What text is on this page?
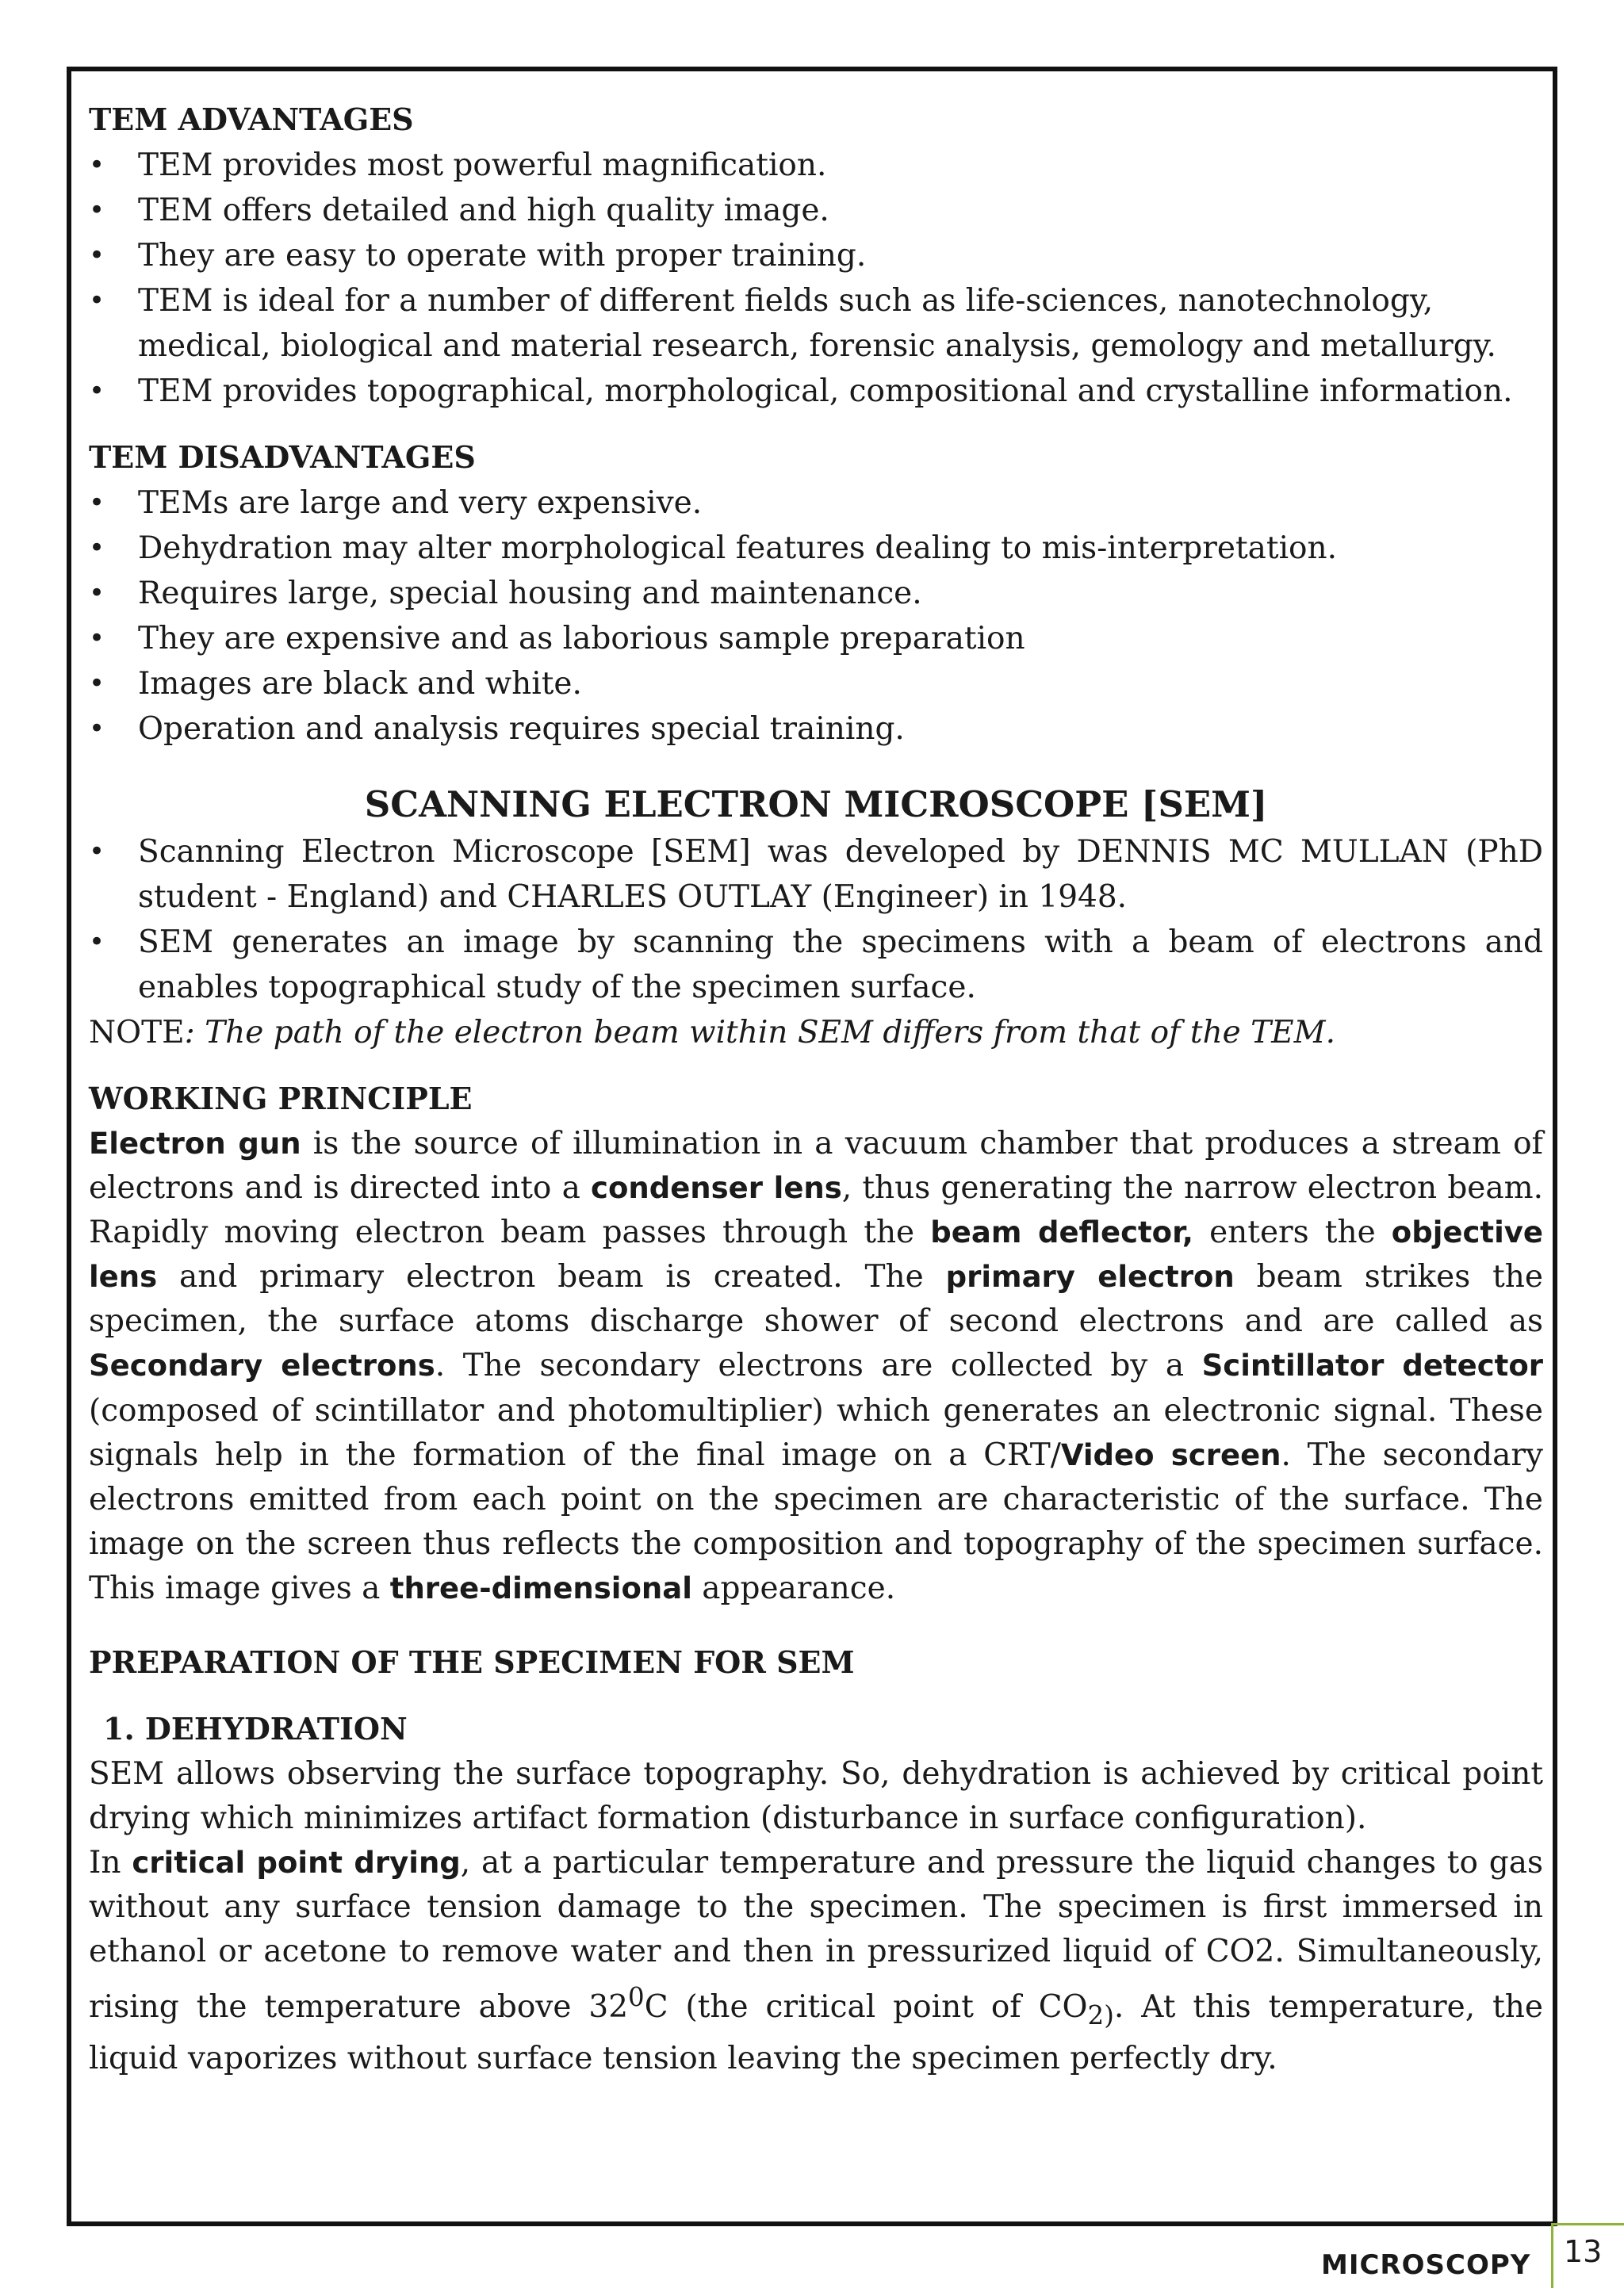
TEM ADVANTAGES

• TEM provides most powerful magnification.
• TEM offers detailed and high quality image.
• They are easy to operate with proper training.
• TEM is ideal for a number of different fields such as life-sciences, nanotechnology, medical, biological and material research, forensic analysis, gemology and metallurgy.
• TEM provides topographical, morphological, compositional and crystalline information.

TEM DISADVANTAGES

• TEMs are large and very expensive.
• Dehydration may alter morphological features dealing to mis-interpretation.
• Requires large, special housing and maintenance.
• They are expensive and as laborious sample preparation
• Images are black and white.
• Operation and analysis requires special training.

SCANNING ELECTRON MICROSCOPE [SEM]

• Scanning Electron Microscope [SEM] was developed by DENNIS MC MULLAN (PhD student - England) and CHARLES OUTLAY (Engineer) in 1948.
• SEM generates an image by scanning the specimens with a beam of electrons and enables topographical study of the specimen surface.

NOTE: The path of the electron beam within SEM differs from that of the TEM.

WORKING PRINCIPLE

Electron gun is the source of illumination in a vacuum chamber that produces a stream of electrons and is directed into a condenser lens, thus generating the narrow electron beam. Rapidly moving electron beam passes through the beam deflector, enters the objective lens and primary electron beam is created. The primary electron beam strikes the specimen, the surface atoms discharge shower of second electrons and are called as Secondary electrons. The secondary electrons are collected by a Scintillator detector (composed of scintillator and photomultiplier) which generates an electronic signal. These signals help in the formation of the final image on a CRT/Video screen. The secondary electrons emitted from each point on the specimen are characteristic of the surface. The image on the screen thus reflects the composition and topography of the specimen surface. This image gives a three-dimensional appearance.

PREPARATION OF THE SPECIMEN FOR SEM

1. DEHYDRATION

SEM allows observing the surface topography. So, dehydration is achieved by critical point drying which minimizes artifact formation (disturbance in surface configuration).

In critical point drying, at a particular temperature and pressure the liquid changes to gas without any surface tension damage to the specimen. The specimen is first immersed in ethanol or acetone to remove water and then in pressurized liquid of CO2. Simultaneously, rising the temperature above $32^0C$ (the critical point of $CO_{2)}$. At this temperature, the liquid vaporizes without surface tension leaving the specimen perfectly dry.

MICROSCOPY 13
